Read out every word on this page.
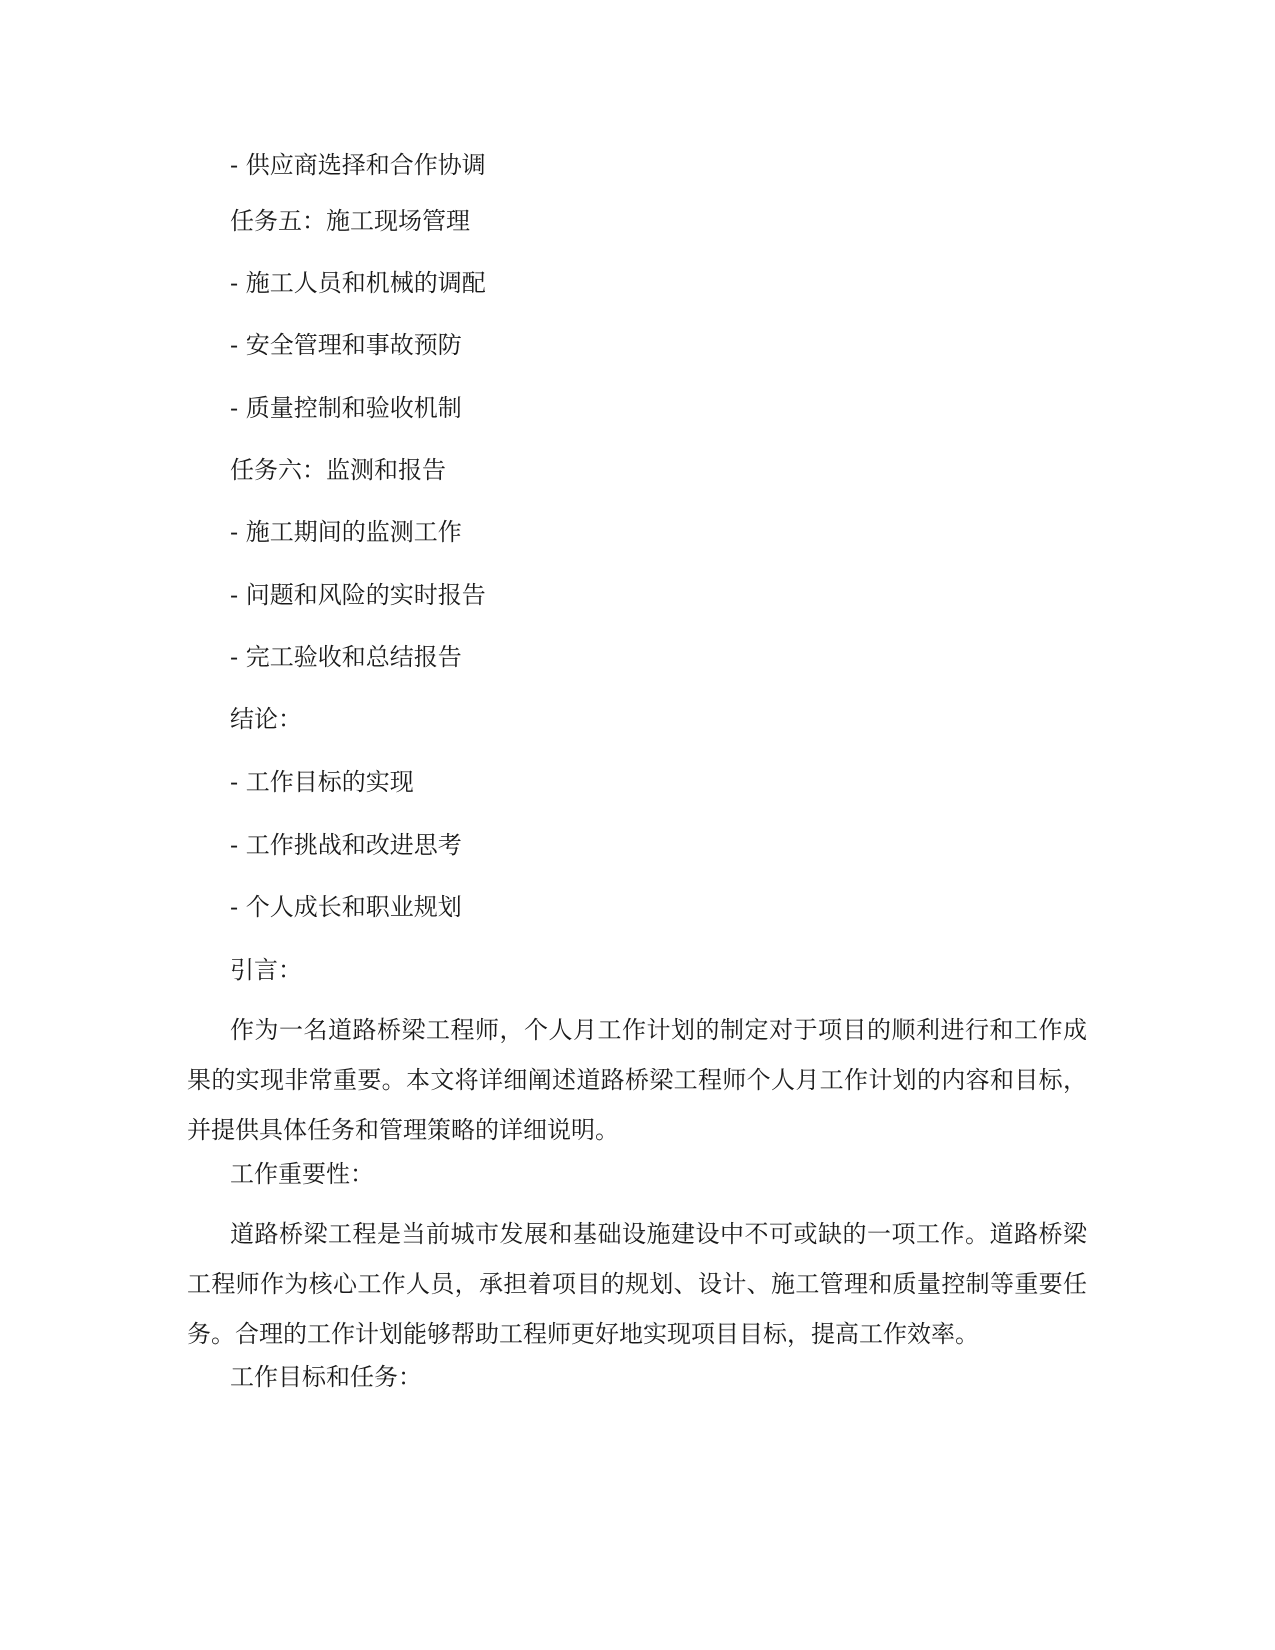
- 供应商选择和合作协调
任务五：施工现场管理
- 施工人员和机械的调配
- 安全管理和事故预防
- 质量控制和验收机制
任务六：监测和报告
- 施工期间的监测工作
- 问题和风险的实时报告
- 完工验收和总结报告
结论：
- 工作目标的实现
- 工作挑战和改进思考
- 个人成长和职业规划
引言：
作为一名道路桥梁工程师，个人月工作计划的制定对于项目的顺利进行和工作成果的实现非常重要。本文将详细阐述道路桥梁工程师个人月工作计划的内容和目标，并提供具体任务和管理策略的详细说明。
工作重要性：
道路桥梁工程是当前城市发展和基础设施建设中不可或缺的一项工作。道路桥梁工程师作为核心工作人员，承担着项目的规划、设计、施工管理和质量控制等重要任务。合理的工作计划能够帮助工程师更好地实现项目目标，提高工作效率。
工作目标和任务：
